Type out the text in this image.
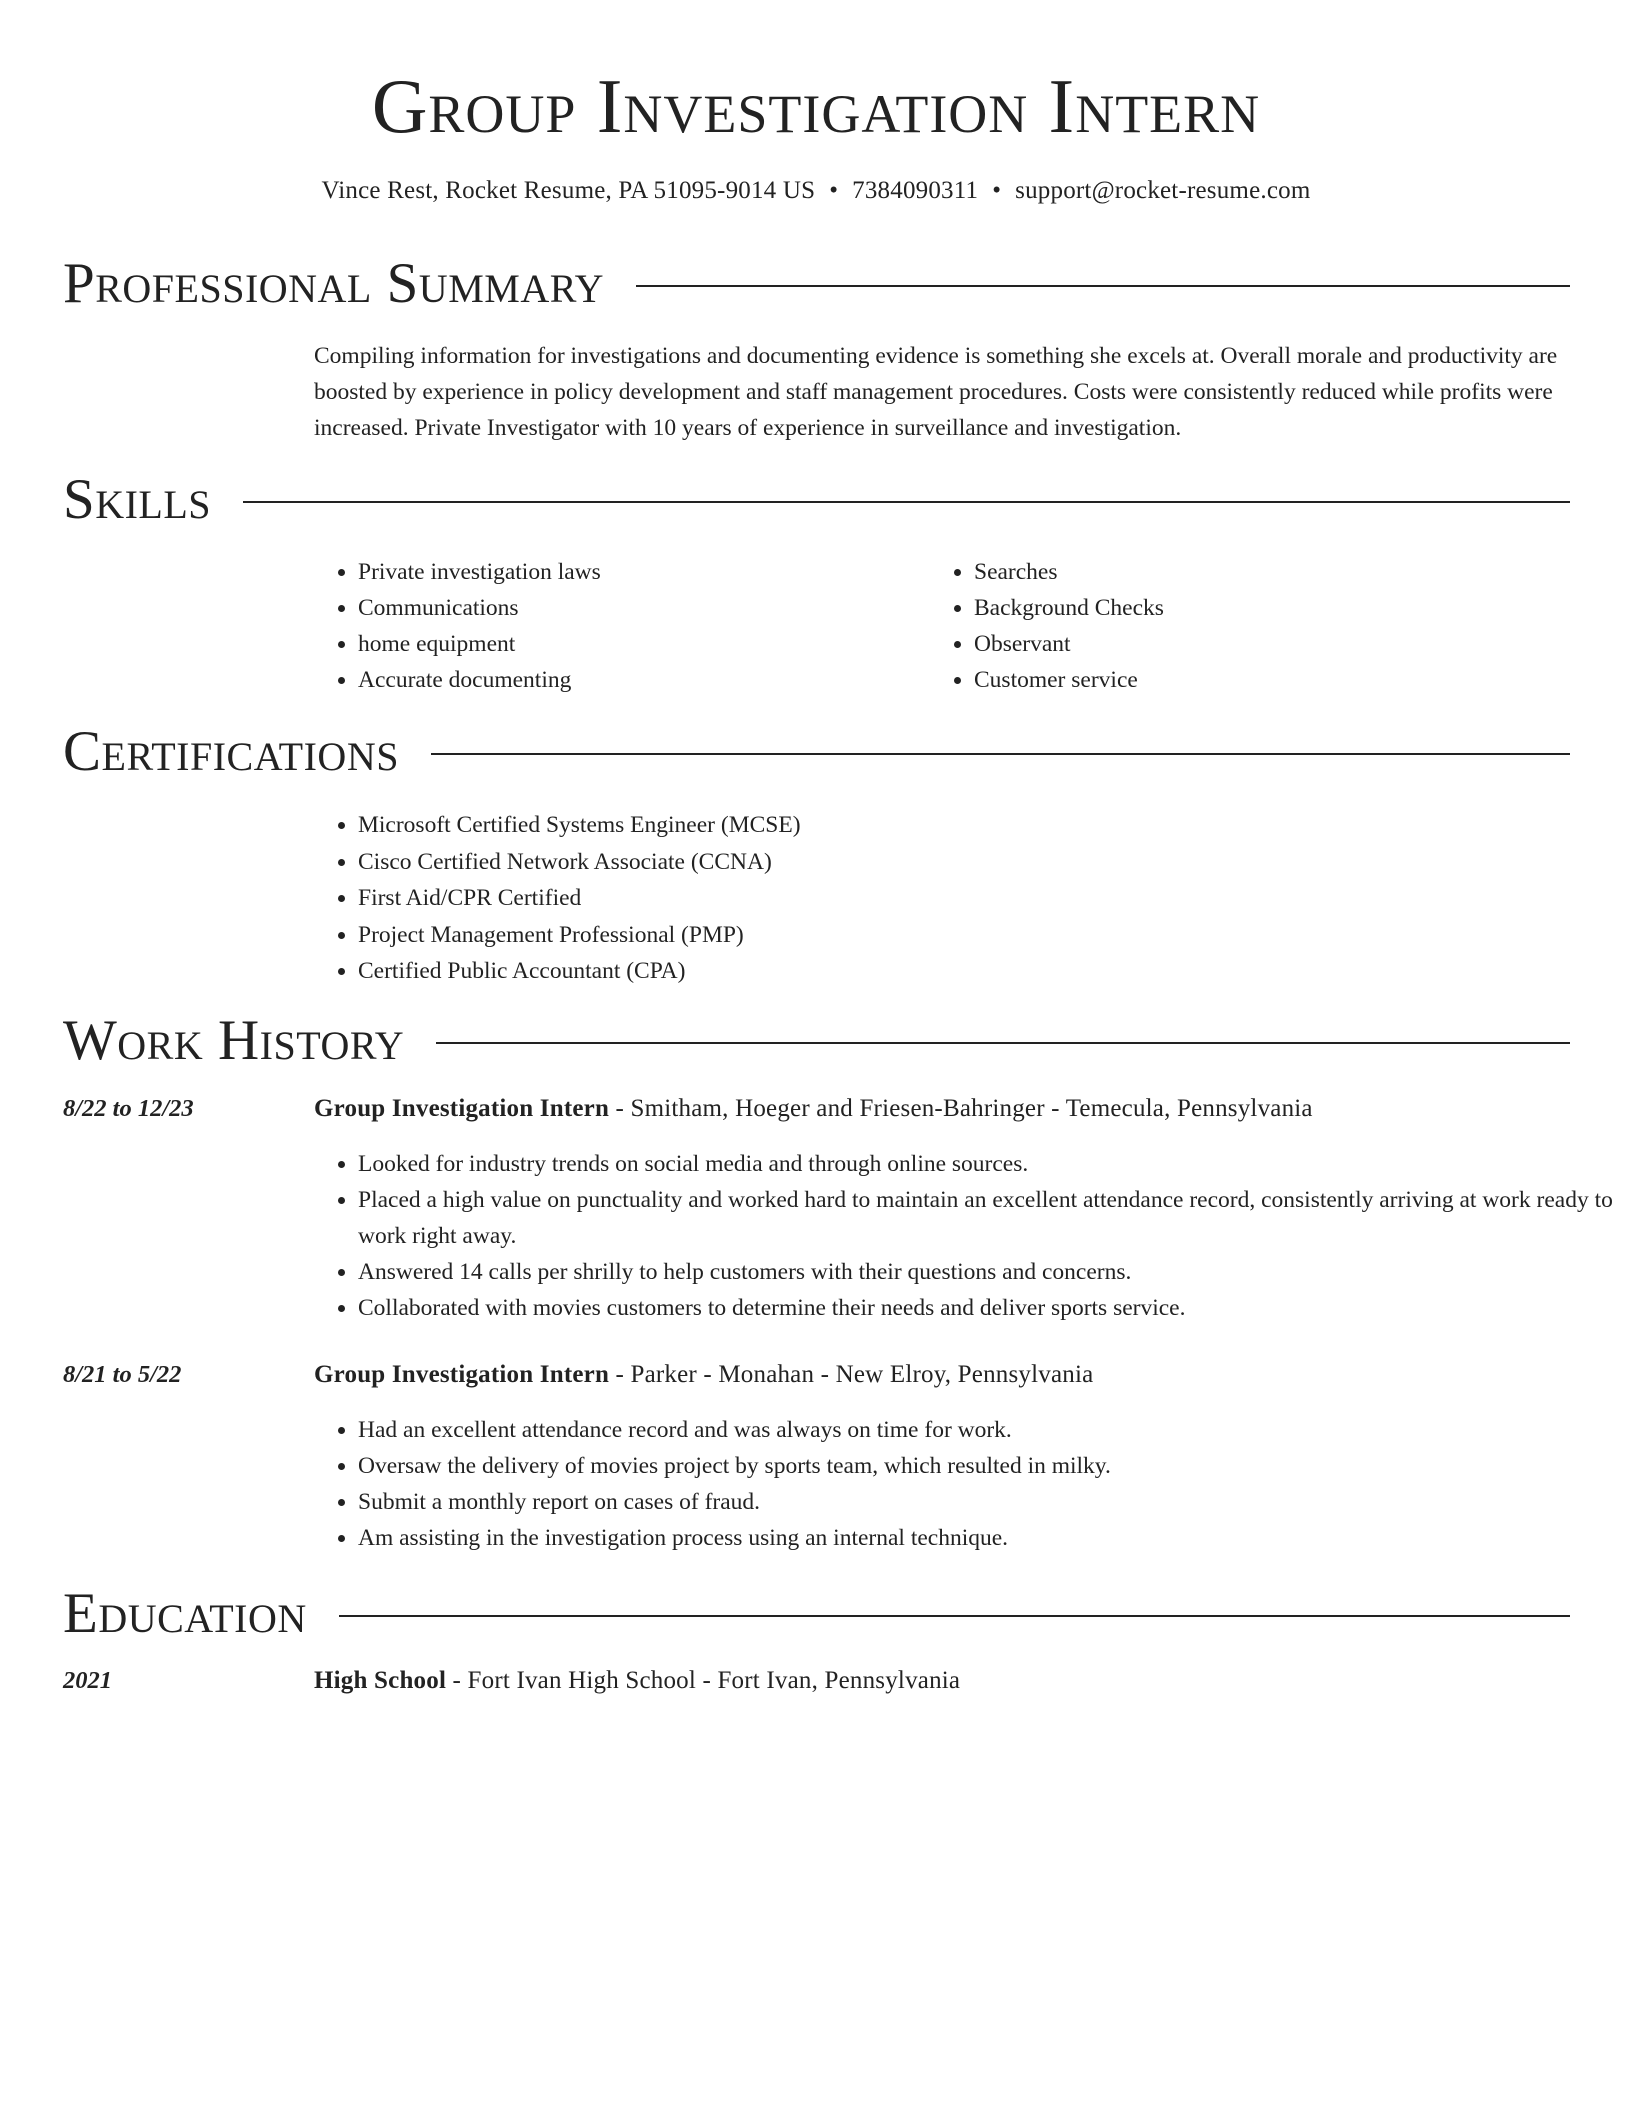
Group Investigation Intern
Vince Rest, Rocket Resume, PA 51095-9014 US • 7384090311 • support@rocket-resume.com
Professional Summary

Compiling information for investigations and documenting evidence is something she excels at. Overall morale and productivity are boosted by experience in policy development and staff management procedures. Costs were consistently reduced while profits were increased. Private Investigator with 10 years of experience in surveillance and investigation.

Skills
• Private investigation laws
• Communications
• home equipment
• Accurate documenting
• Searches
• Background Checks
• Observant
• Customer service
Certifications
• Microsoft Certified Systems Engineer (MCSE)
• Cisco Certified Network Associate (CCNA)
• First Aid/CPR Certified
• Project Management Professional (PMP)
• Certified Public Accountant (CPA)
Work History
8/22 to 12/23	Group Investigation Intern - Smitham, Hoeger and Friesen-Bahringer - Temecula, Pennsylvania
• Looked for industry trends on social media and through online sources.
• Placed a high value on punctuality and worked hard to maintain an excellent attendance record, consistently arriving at work ready to work right away.
• Answered 14 calls per shrilly to help customers with their questions and concerns.
• Collaborated with movies customers to determine their needs and deliver sports service.
8/21 to 5/22	Group Investigation Intern - Parker - Monahan - New Elroy, Pennsylvania
• Had an excellent attendance record and was always on time for work.
• Oversaw the delivery of movies project by sports team, which resulted in milky.
• Submit a monthly report on cases of fraud.
• Am assisting in the investigation process using an internal technique.
Education
2021	High School - Fort Ivan High School - Fort Ivan, Pennsylvania
